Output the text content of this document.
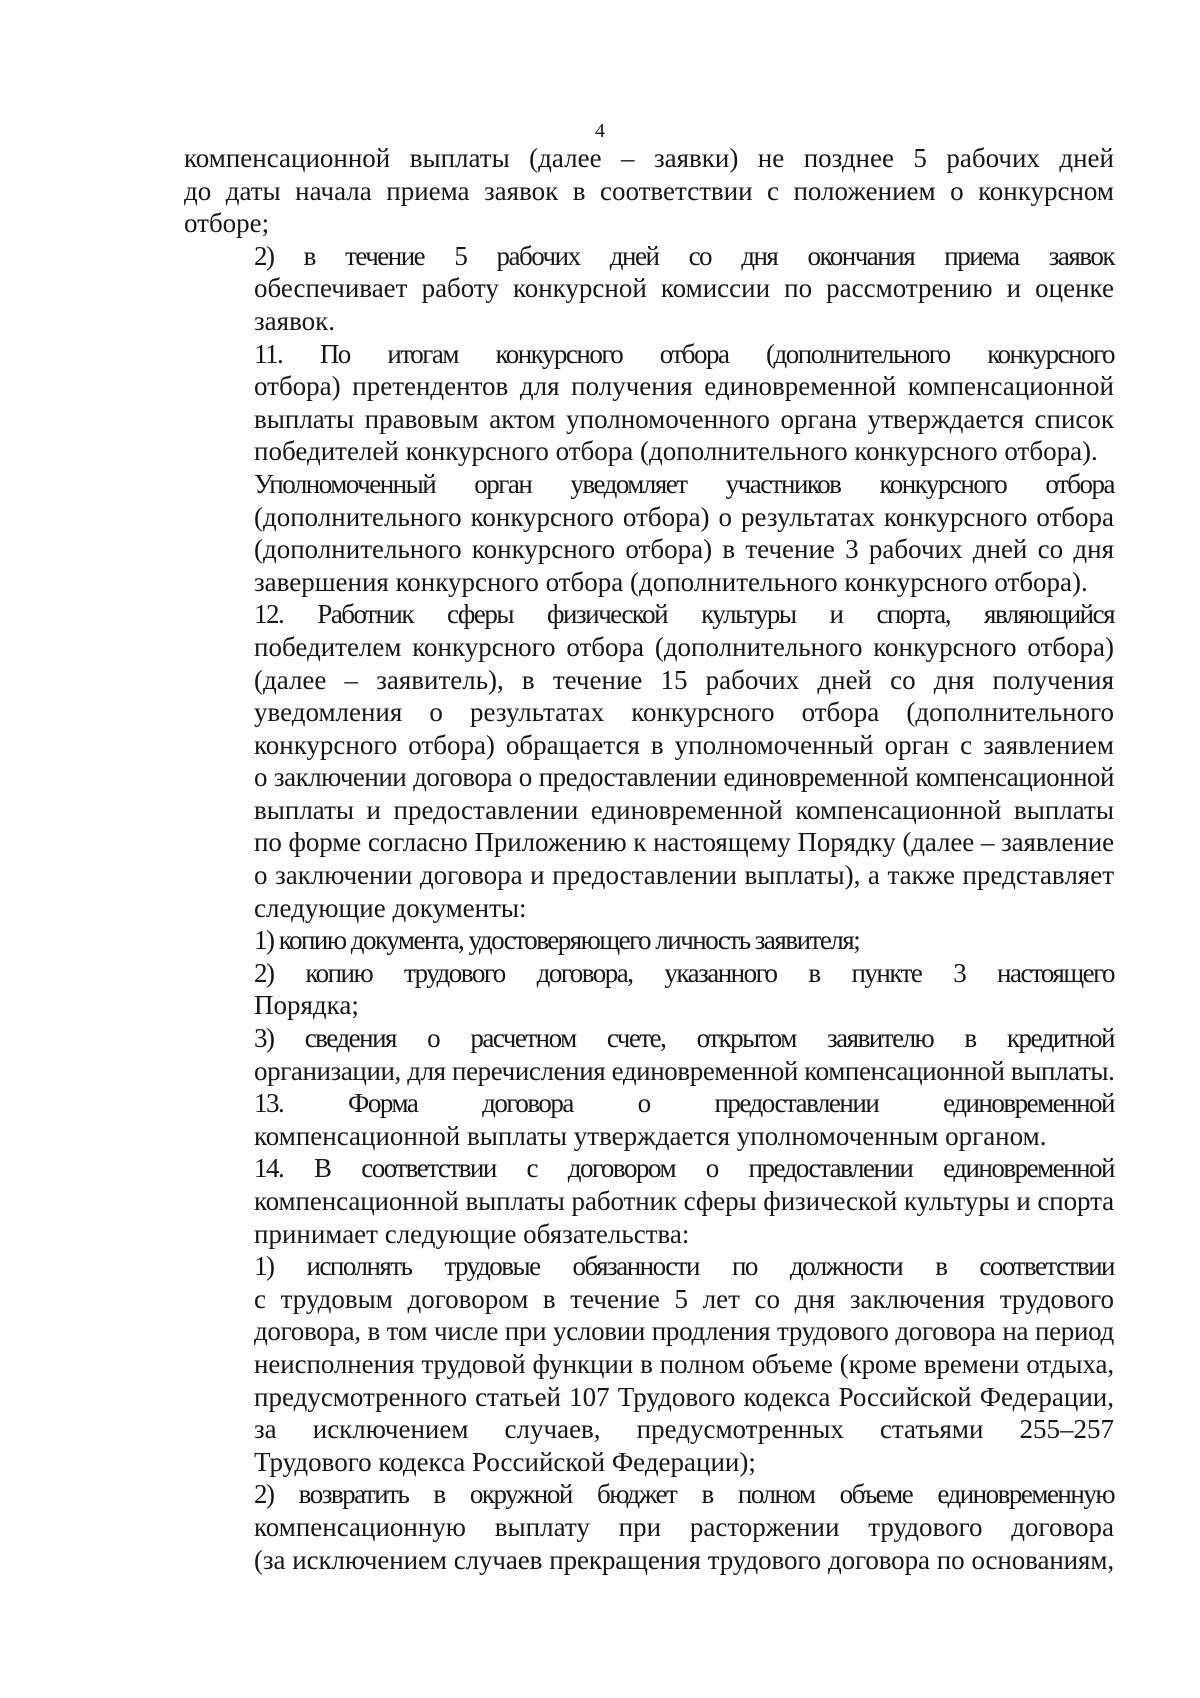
4

компенсационной выплаты (далее – заявки) не позднее 5 рабочих дней
до даты начала приема заявок в соответствии с положением о конкурсном
отборе;

2) в течение 5 рабочих дней со дня окончания приема заявок
обеспечивает работу конкурсной комиссии по рассмотрению и оценке
заявок.

11. По итогам конкурсного отбора (дополнительного конкурсного
отбора) претендентов для получения единовременной компенсационной
выплаты правовым актом уполномоченного органа утверждается список
победителей конкурсного отбора (дополнительного конкурсного отбора).

Уполномоченный орган уведомляет участников конкурсного отбора
(дополнительного конкурсного отбора) о результатах конкурсного отбора
(дополнительного конкурсного отбора) в течение 3 рабочих дней со дня
завершения конкурсного отбора (дополнительного конкурсного отбора).

12. Работник сферы физической культуры и спорта, являющийся
победителем конкурсного отбора (дополнительного конкурсного отбора)
(далее – заявитель), в течение 15 рабочих дней со дня получения
уведомления о результатах конкурсного отбора (дополнительного
конкурсного отбора) обращается в уполномоченный орган с заявлением
о заключении договора о предоставлении единовременной компенсационной
выплаты и предоставлении единовременной компенсационной выплаты
по форме согласно Приложению к настоящему Порядку (далее – заявление
о заключении договора и предоставлении выплаты), а также представляет
следующие документы:

1) копию документа, удостоверяющего личность заявителя;

2) копию трудового договора, указанного в пункте 3 настоящего
Порядка;

3) сведения о расчетном счете, открытом заявителю в кредитной
организации, для перечисления единовременной компенсационной выплаты.

13. Форма договора о предоставлении единовременной
компенсационной выплаты утверждается уполномоченным органом.

14. В соответствии с договором о предоставлении единовременной
компенсационной выплаты работник сферы физической культуры и спорта
принимает следующие обязательства:

1) исполнять трудовые обязанности по должности в соответствии
с трудовым договором в течение 5 лет со дня заключения трудового
договора, в том числе при условии продления трудового договора на период
неисполнения трудовой функции в полном объеме (кроме времени отдыха,
предусмотренного статьей 107 Трудового кодекса Российской Федерации,
за исключением случаев, предусмотренных статьями 255–257
Трудового кодекса Российской Федерации);

2) возвратить в окружной бюджет в полном объеме единовременную
компенсационную выплату при расторжении трудового договора
(за исключением случаев прекращения трудового договора по основаниям,
